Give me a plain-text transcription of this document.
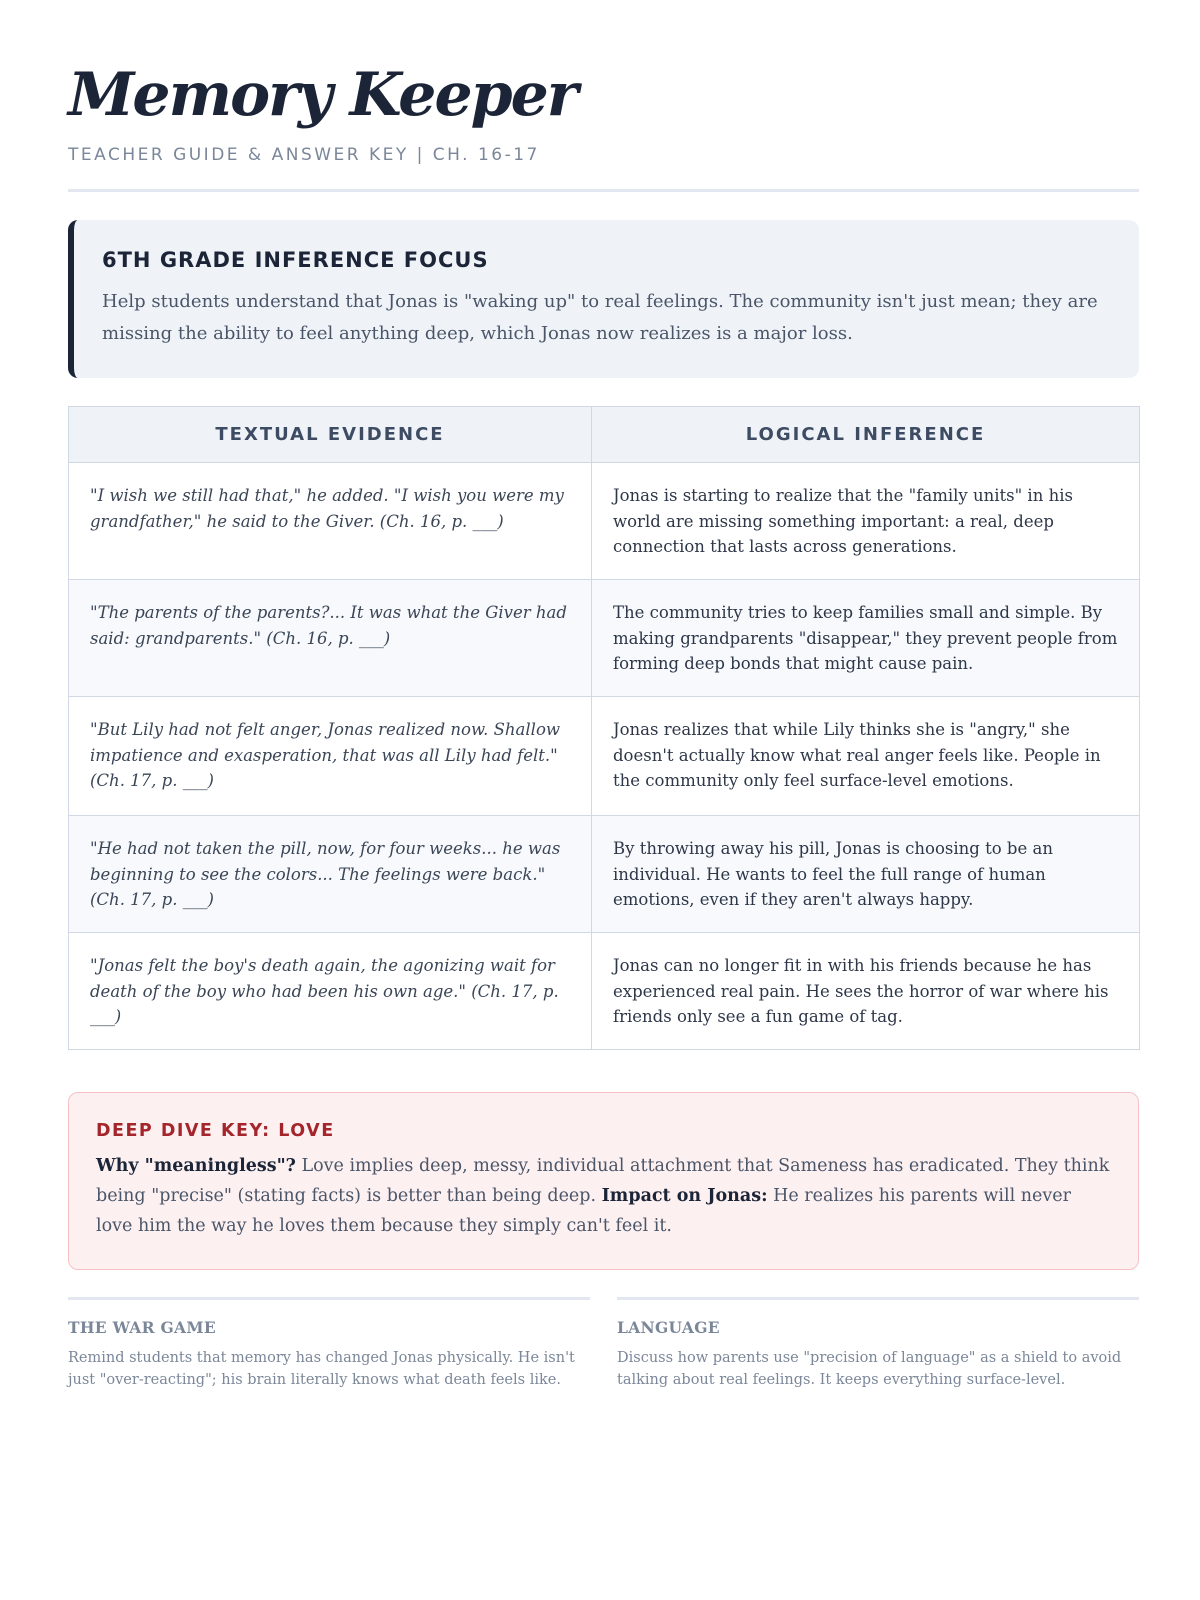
Memory Keeper
TEACHER GUIDE & ANSWER KEY | CH. 16-17
6TH GRADE INFERENCE FOCUS

Help students understand that Jonas is "waking up" to real feelings. The community isn't just mean; they are missing the ability to feel anything deep, which Jonas now realizes is a major loss.

TEXTUAL EVIDENCE	LOGICAL INFERENCE
"I wish we still had that," he added. "I wish you were my grandfather," he said to the Giver. (Ch. 16, p. ___)	Jonas is starting to realize that the "family units" in his world are missing something important: a real, deep connection that lasts across generations.
"The parents of the parents?... It was what the Giver had said: grandparents." (Ch. 16, p. ___)	The community tries to keep families small and simple. By making grandparents "disappear," they prevent people from forming deep bonds that might cause pain.
"But Lily had not felt anger, Jonas realized now. Shallow impatience and exasperation, that was all Lily had felt." (Ch. 17, p. ___)	Jonas realizes that while Lily thinks she is "angry," she doesn't actually know what real anger feels like. People in the community only feel surface-level emotions.
"He had not taken the pill, now, for four weeks... he was beginning to see the colors... The feelings were back." (Ch. 17, p. ___)	By throwing away his pill, Jonas is choosing to be an individual. He wants to feel the full range of human emotions, even if they aren't always happy.
"Jonas felt the boy's death again, the agonizing wait for death of the boy who had been his own age." (Ch. 17, p. ___)	Jonas can no longer fit in with his friends because he has experienced real pain. He sees the horror of war where his friends only see a fun game of tag.
DEEP DIVE KEY: LOVE

Why "meaningless"? Love implies deep, messy, individual attachment that Sameness has eradicated. They think being "precise" (stating facts) is better than being deep. Impact on Jonas: He realizes his parents will never love him the way he loves them because they simply can't feel it.

THE WAR GAME

Remind students that memory has changed Jonas physically. He isn't just "over-reacting"; his brain literally knows what death feels like.

LANGUAGE

Discuss how parents use "precision of language" as a shield to avoid talking about real feelings. It keeps everything surface-level.
